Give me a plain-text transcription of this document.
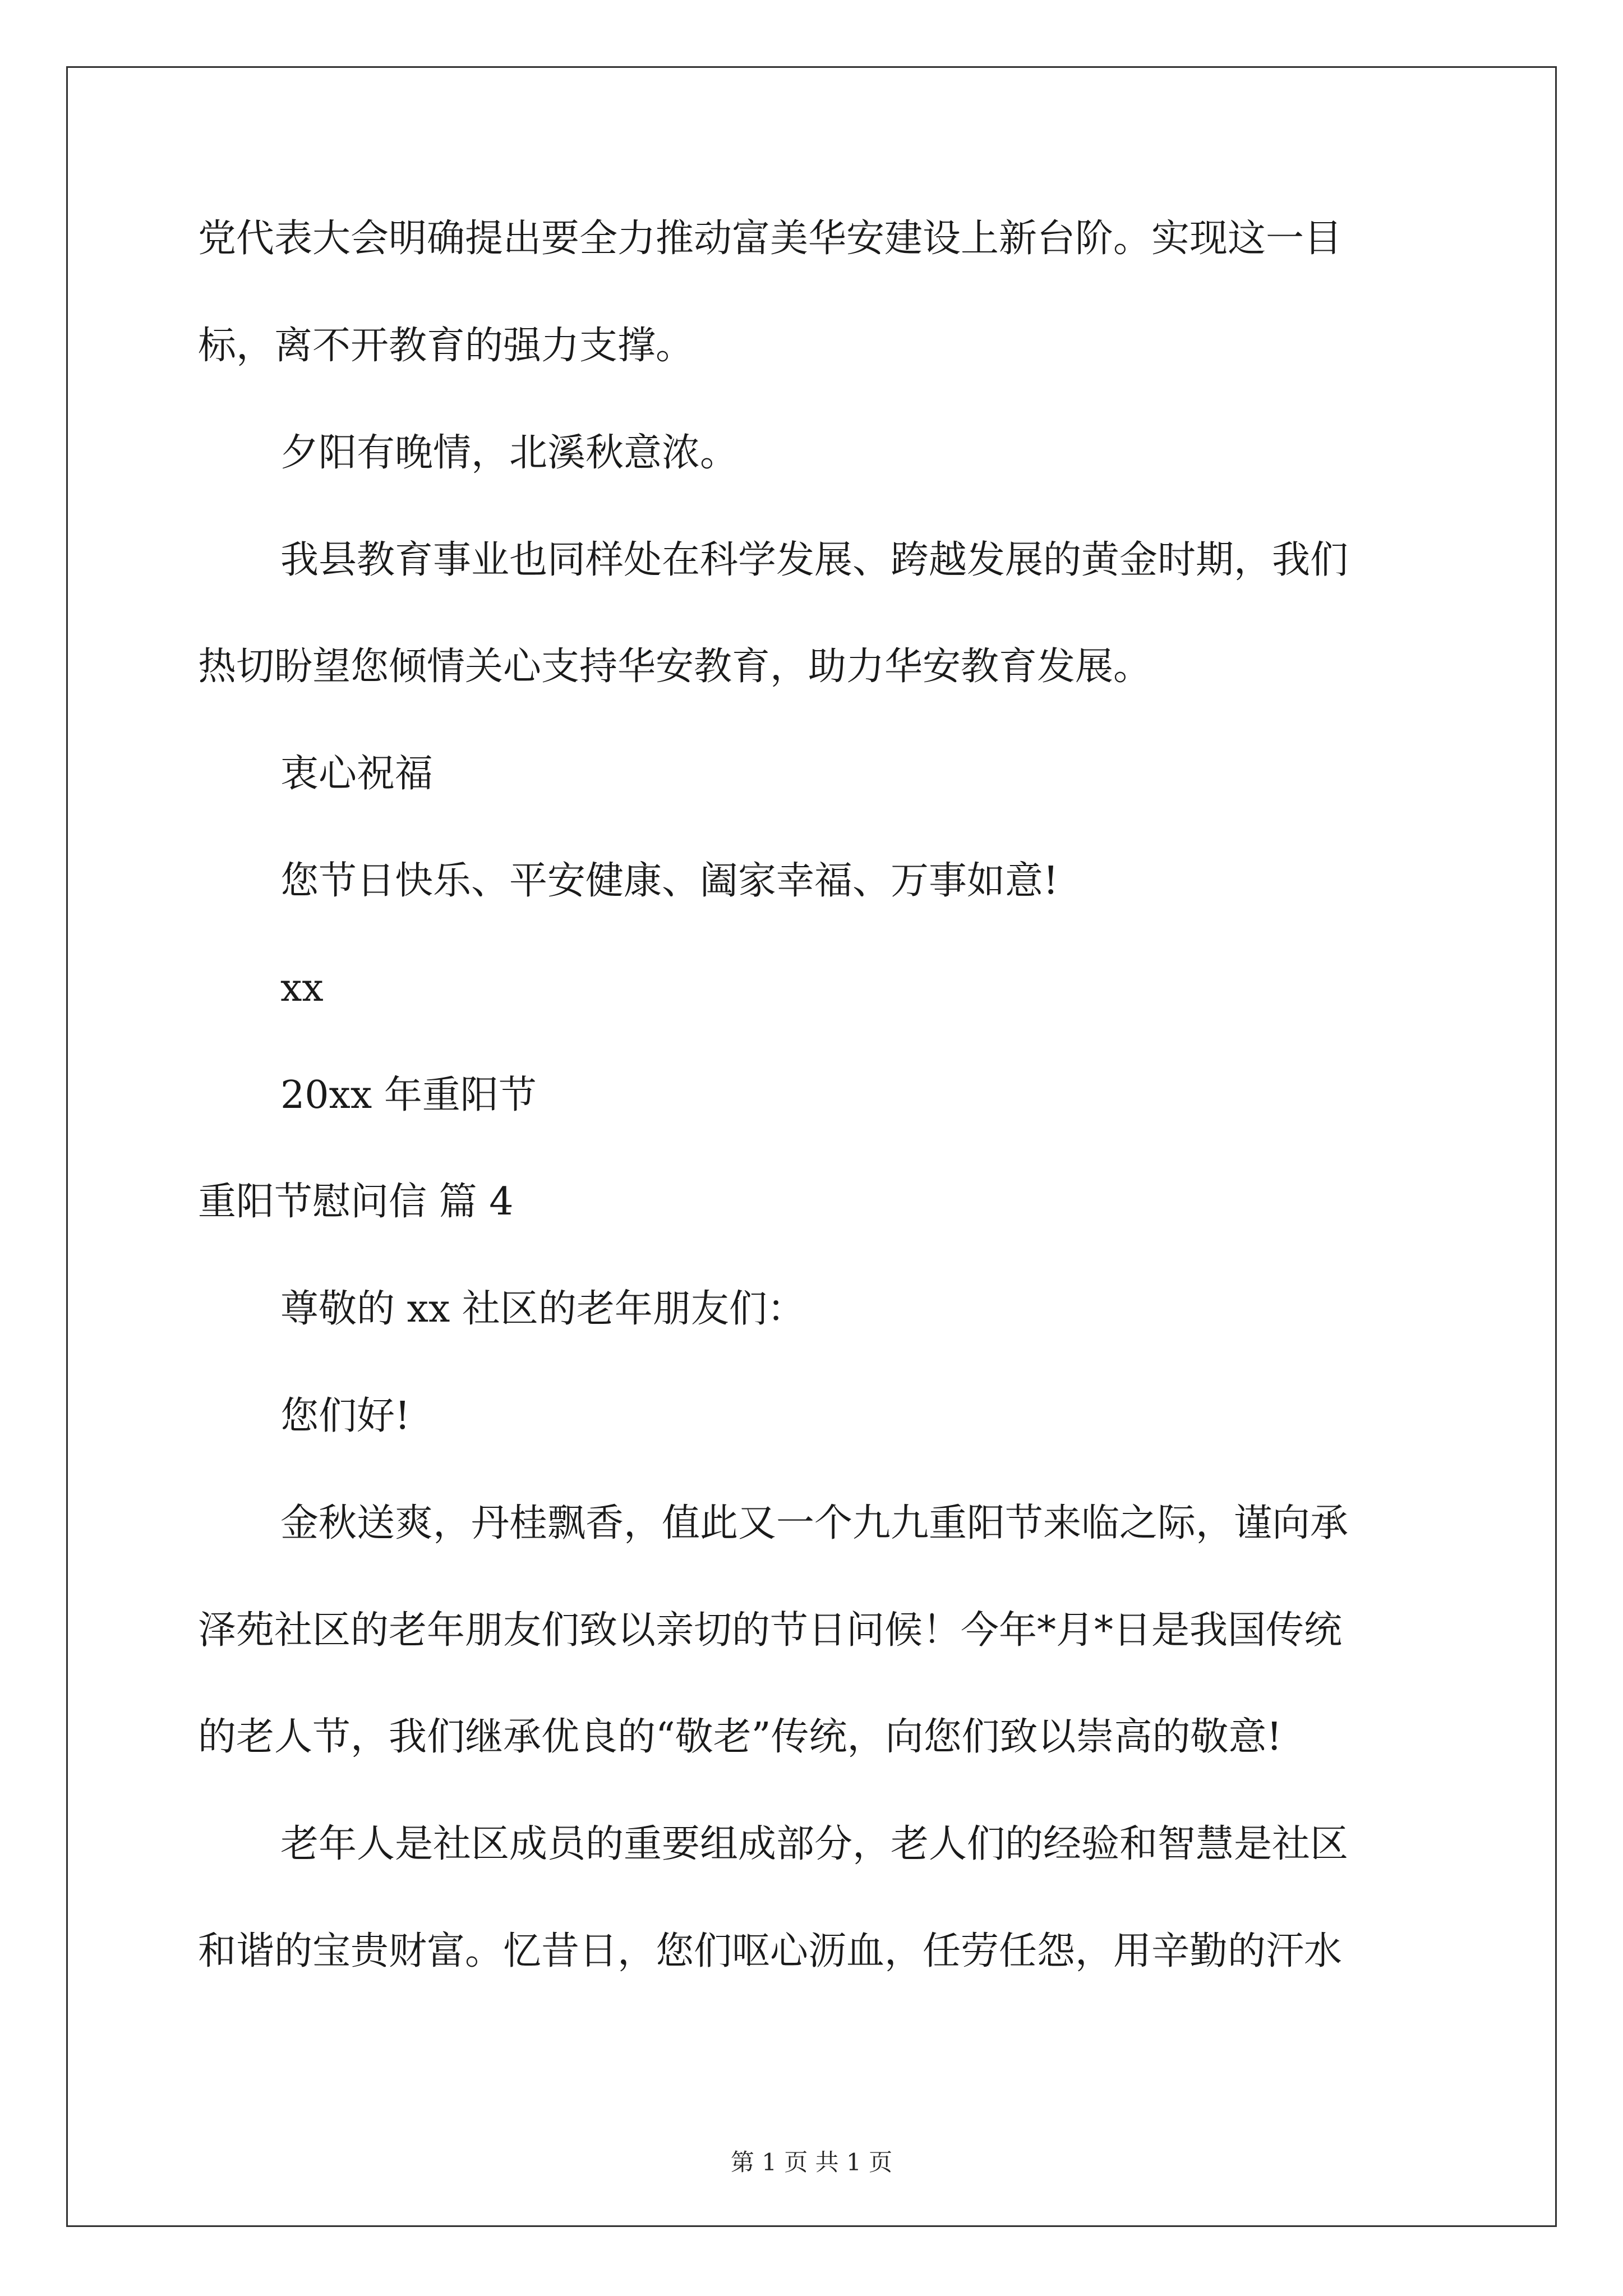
党代表大会明确提出要全力推动富美华安建设上新台阶。实现这一目
标，离不开教育的强力支撑。
夕阳有晚情，北溪秋意浓。
我县教育事业也同样处在科学发展、跨越发展的黄金时期，我们
热切盼望您倾情关心支持华安教育，助力华安教育发展。
衷心祝福
您节日快乐、平安健康、阖家幸福、万事如意!
xx
20xx 年重阳节
重阳节慰问信 篇 4
尊敬的 xx 社区的老年朋友们：
您们好!
金秋送爽，丹桂飘香，值此又一个九九重阳节来临之际，谨向承
泽苑社区的老年朋友们致以亲切的节日问候！今年*月*日是我国传统
的老人节，我们继承优良的“敬老”传统，向您们致以崇高的敬意!
老年人是社区成员的重要组成部分，老人们的经验和智慧是社区
和谐的宝贵财富。忆昔日，您们呕心沥血，任劳任怨，用辛勤的汗水
第 1 页 共 1 页
